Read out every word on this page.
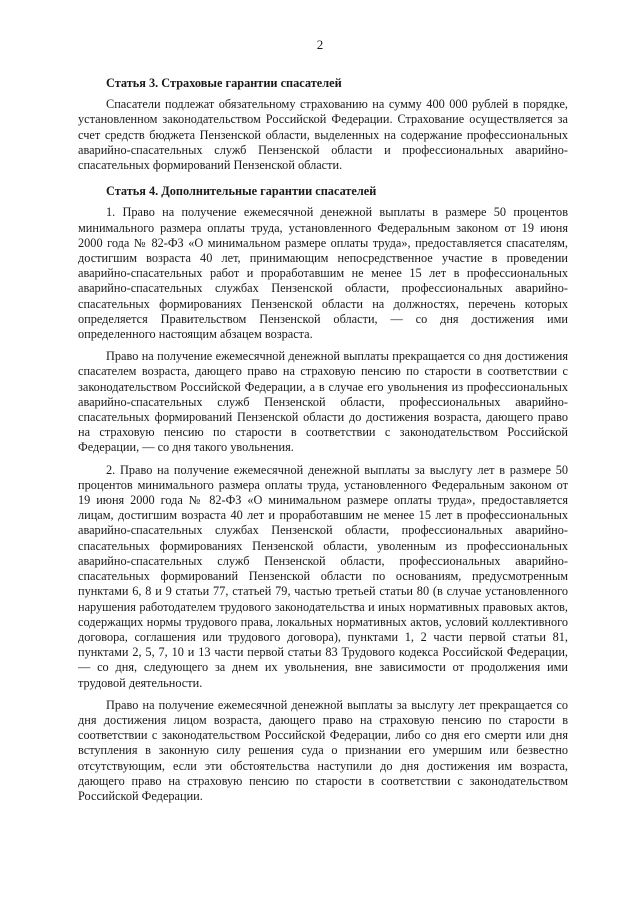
2
Статья 3. Страховые гарантии спасателей

Спасатели подлежат обязательному страхованию на сумму 400 000 рублей в порядке, установленном законодательством Российской Федерации. Страхование осуществляется за счет средств бюджета Пензенской области, выделенных на содержание профессиональных аварийно-спасательных служб Пензенской области и профессиональных аварийно-спасательных формирований Пензенской области.

Статья 4. Дополнительные гарантии спасателей

1. Право на получение ежемесячной денежной выплаты в размере 50 процентов минимального размера оплаты труда, установленного Федеральным законом от 19 июня 2000 года № 82-ФЗ «О минимальном размере оплаты труда», предоставляется спасателям, достигшим возраста 40 лет, принимающим непосредственное участие в проведении аварийно-спасательных работ и проработавшим не менее 15 лет в профессиональных аварийно-спасательных службах Пензенской области, профессиональных аварийно-спасательных формированиях Пензенской области на должностях, перечень которых определяется Правительством Пензенской области, — со дня достижения ими определенного настоящим абзацем возраста.

Право на получение ежемесячной денежной выплаты прекращается со дня достижения спасателем возраста, дающего право на страховую пенсию по старости в соответствии с законодательством Российской Федерации, а в случае его увольнения из профессиональных аварийно-спасательных служб Пензенской области, профессиональных аварийно-спасательных формирований Пензенской области до достижения возраста, дающего право на страховую пенсию по старости в соответствии с законодательством Российской Федерации, — со дня такого увольнения.

2. Право на получение ежемесячной денежной выплаты за выслугу лет в размере 50 процентов минимального размера оплаты труда, установленного Федеральным законом от 19 июня 2000 года № 82-ФЗ «О минимальном размере оплаты труда», предоставляется лицам, достигшим возраста 40 лет и проработавшим не менее 15 лет в профессиональных аварийно-спасательных службах Пензенской области, профессиональных аварийно-спасательных формированиях Пензенской области, уволенным из профессиональных аварийно-спасательных служб Пензенской области, профессиональных аварийно-спасательных формирований Пензенской области по основаниям, предусмотренным пунктами 6, 8 и 9 статьи 77, статьей 79, частью третьей статьи 80 (в случае установленного нарушения работодателем трудового законодательства и иных нормативных правовых актов, содержащих нормы трудового права, локальных нормативных актов, условий коллективного договора, соглашения или трудового договора), пунктами 1, 2 части первой статьи 81, пунктами 2, 5, 7, 10 и 13 части первой статьи 83 Трудового кодекса Российской Федерации, — со дня, следующего за днем их увольнения, вне зависимости от продолжения ими трудовой деятельности.

Право на получение ежемесячной денежной выплаты за выслугу лет прекращается со дня достижения лицом возраста, дающего право на страховую пенсию по старости в соответствии с законодательством Российской Федерации, либо со дня его смерти или дня вступления в законную силу решения суда о признании его умершим или безвестно отсутствующим, если эти обстоятельства наступили до дня достижения им возраста, дающего право на страховую пенсию по старости в соответствии с законодательством Российской Федерации.
